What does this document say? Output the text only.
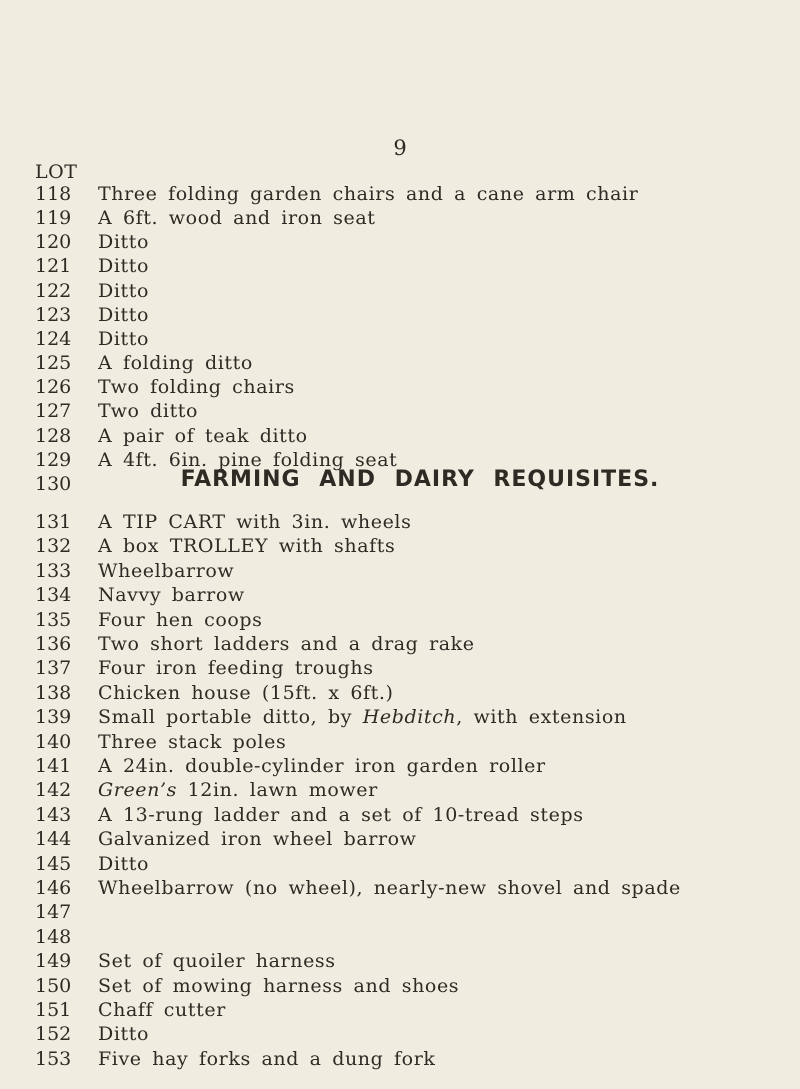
9
LOT
FARMING AND DAIRY REQUISITES.
118	Three folding garden chairs and a cane arm chair
119	A 6ft. wood and iron seat
120	Ditto
121	Ditto
122	Ditto
123	Ditto
124	Ditto
125	A folding ditto
126	Two folding chairs
127	Two ditto
128	A pair of teak ditto
129	A 4ft. 6in. pine folding seat
130
131	A TIP CART with 3in. wheels
132	A box TROLLEY with shafts
133	Wheelbarrow
134	Navvy barrow
135	Four hen coops
136	Two short ladders and a drag rake
137	Four iron feeding troughs
138	Chicken house (15ft. x 6ft.)
139	Small portable ditto, by Hebditch, with extension
140	Three stack poles
141	A 24in. double-cylinder iron garden roller
142	Green’s 12in. lawn mower
143	A 13-rung ladder and a set of 10-tread steps
144	Galvanized iron wheel barrow
145	Ditto
146	Wheelbarrow (no wheel), nearly-new shovel and spade
147
148
149	Set of quoiler harness
150	Set of mowing harness and shoes
151	Chaff cutter
152	Ditto
153	Five hay forks and a dung fork
